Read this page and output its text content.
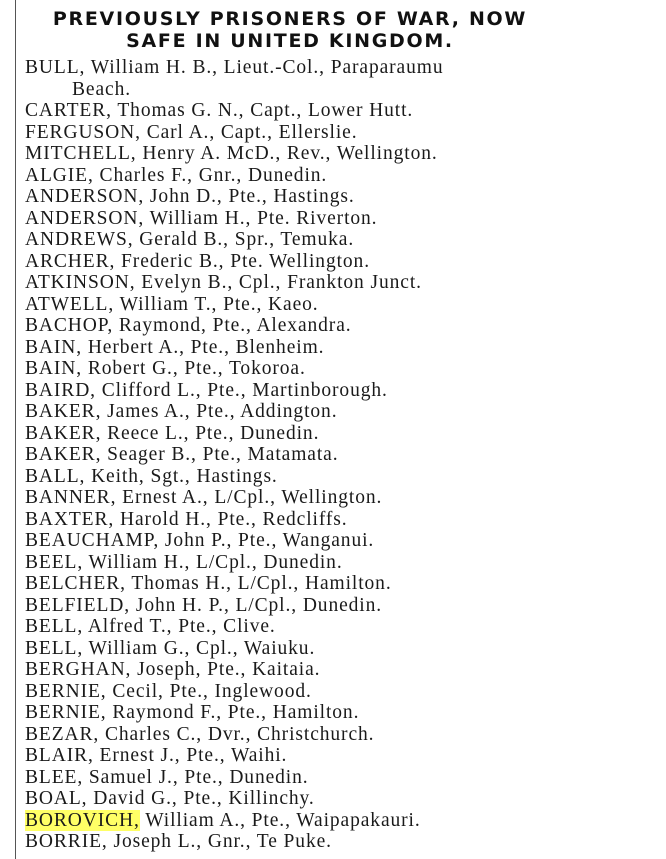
PREVIOUSLY PRISONERS OF WAR, NOW
SAFE IN UNITED KINGDOM.
BULL, William H. B., Lieut.-Col., Paraparaumu
Beach.
CARTER, Thomas G. N., Capt., Lower Hutt.
FERGUSON, Carl A., Capt., Ellerslie.
MITCHELL, Henry A. McD., Rev., Wellington.
ALGIE, Charles F., Gnr., Dunedin.
ANDERSON, John D., Pte., Hastings.
ANDERSON, William H., Pte. Riverton.
ANDREWS, Gerald B., Spr., Temuka.
ARCHER, Frederic B., Pte. Wellington.
ATKINSON, Evelyn B., Cpl., Frankton Junct.
ATWELL, William T., Pte., Kaeo.
BACHOP, Raymond, Pte., Alexandra.
BAIN, Herbert A., Pte., Blenheim.
BAIN, Robert G., Pte., Tokoroa.
BAIRD, Clifford L., Pte., Martinborough.
BAKER, James A., Pte., Addington.
BAKER, Reece L., Pte., Dunedin.
BAKER, Seager B., Pte., Matamata.
BALL, Keith, Sgt., Hastings.
BANNER, Ernest A., L/Cpl., Wellington.
BAXTER, Harold H., Pte., Redcliffs.
BEAUCHAMP, John P., Pte., Wanganui.
BEEL, William H., L/Cpl., Dunedin.
BELCHER, Thomas H., L/Cpl., Hamilton.
BELFIELD, John H. P., L/Cpl., Dunedin.
BELL, Alfred T., Pte., Clive.
BELL, William G., Cpl., Waiuku.
BERGHAN, Joseph, Pte., Kaitaia.
BERNIE, Cecil, Pte., Inglewood.
BERNIE, Raymond F., Pte., Hamilton.
BEZAR, Charles C., Dvr., Christchurch.
BLAIR, Ernest J., Pte., Waihi.
BLEE, Samuel J., Pte., Dunedin.
BOAL, David G., Pte., Killinchy.
BOROVICH, William A., Pte., Waipapakauri.
BORRIE, Joseph L., Gnr., Te Puke.
